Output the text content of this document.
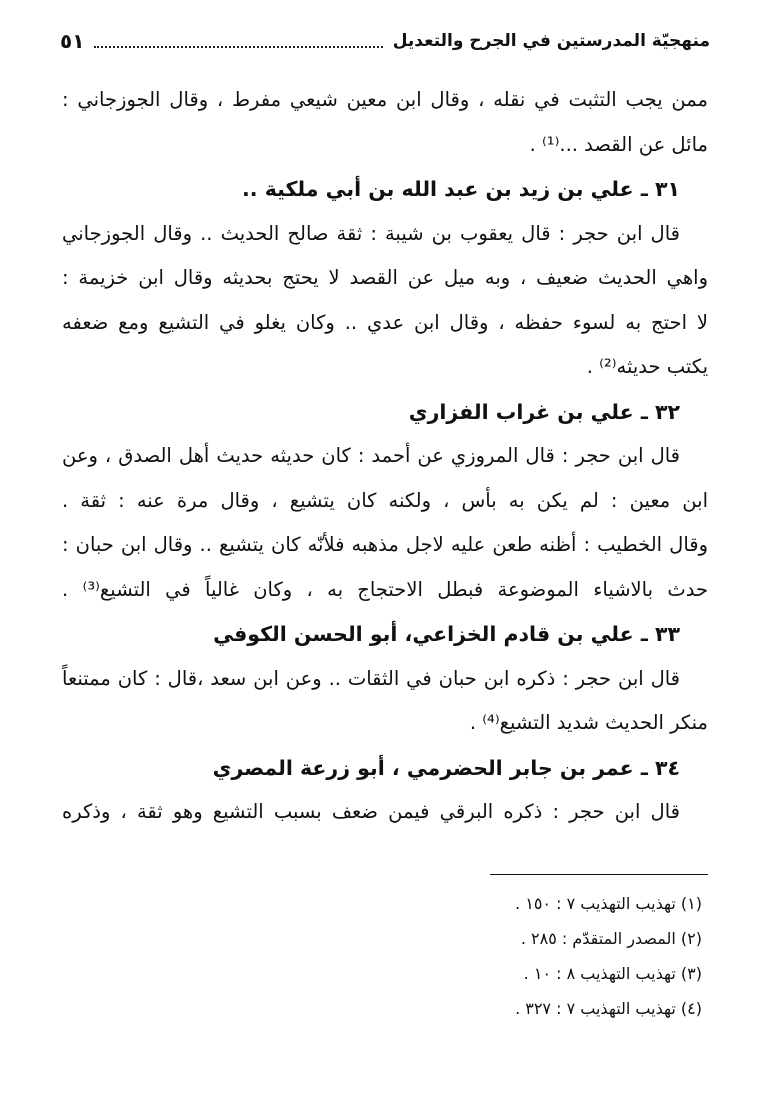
منهجيّة المدرستين في الجرح والتعديل
٥١
ممن يجب التثبت في نقله ، وقال ابن معين شيعي مفرط ، وقال الجوزجاني :
مائل عن القصد ...⁽¹⁾ .
٣١ ـ علي بن زيد بن عبد الله بن أبي ملكية ..
قال ابن حجر : قال يعقوب بن شيبة : ثقة صالح الحديث .. وقال الجوزجاني
واهي الحديث ضعيف ، وبه ميل عن القصد لا يحتج بحديثه وقال ابن خزيمة :
لا احتج به لسوء حفظه ، وقال ابن عدي .. وكان يغلو في التشيع ومع ضعفه
يكتب حديثه⁽²⁾ .
٣٢ ـ علي بن غراب الفزاري
قال ابن حجر : قال المروزي عن أحمد : كان حديثه حديث أهل الصدق ، وعن
ابن معين : لم يكن به بأس ، ولكنه كان يتشيع ، وقال مرة عنه : ثقة .
وقال الخطيب : أظنه طعن عليه لاجل مذهبه فلأنّه كان يتشيع .. وقال ابن حبان :
حدث بالاشياء الموضوعة فبطل الاحتجاج به ، وكان غالياً في التشيع⁽³⁾ .
٣٣ ـ علي بن قادم الخزاعي، أبو الحسن الكوفي
قال ابن حجر : ذكره ابن حبان في الثقات .. وعن ابن سعد ،قال : كان ممتنعاً
منكر الحديث شديد التشيع⁽⁴⁾ .
٣٤ ـ عمر بن جابر الحضرمي ، أبو زرعة المصري
قال ابن حجر : ذكره البرقي فيمن ضعف بسبب التشيع وهو ثقة ، وذكره
(١) تهذيب التهذيب ٧ : ١٥٠ .
(٢) المصدر المتقدّم : ٢٨٥ .
(٣) تهذيب التهذيب ٨ : ١٠ .
(٤) تهذيب التهذيب ٧ : ٣٢٧ .
